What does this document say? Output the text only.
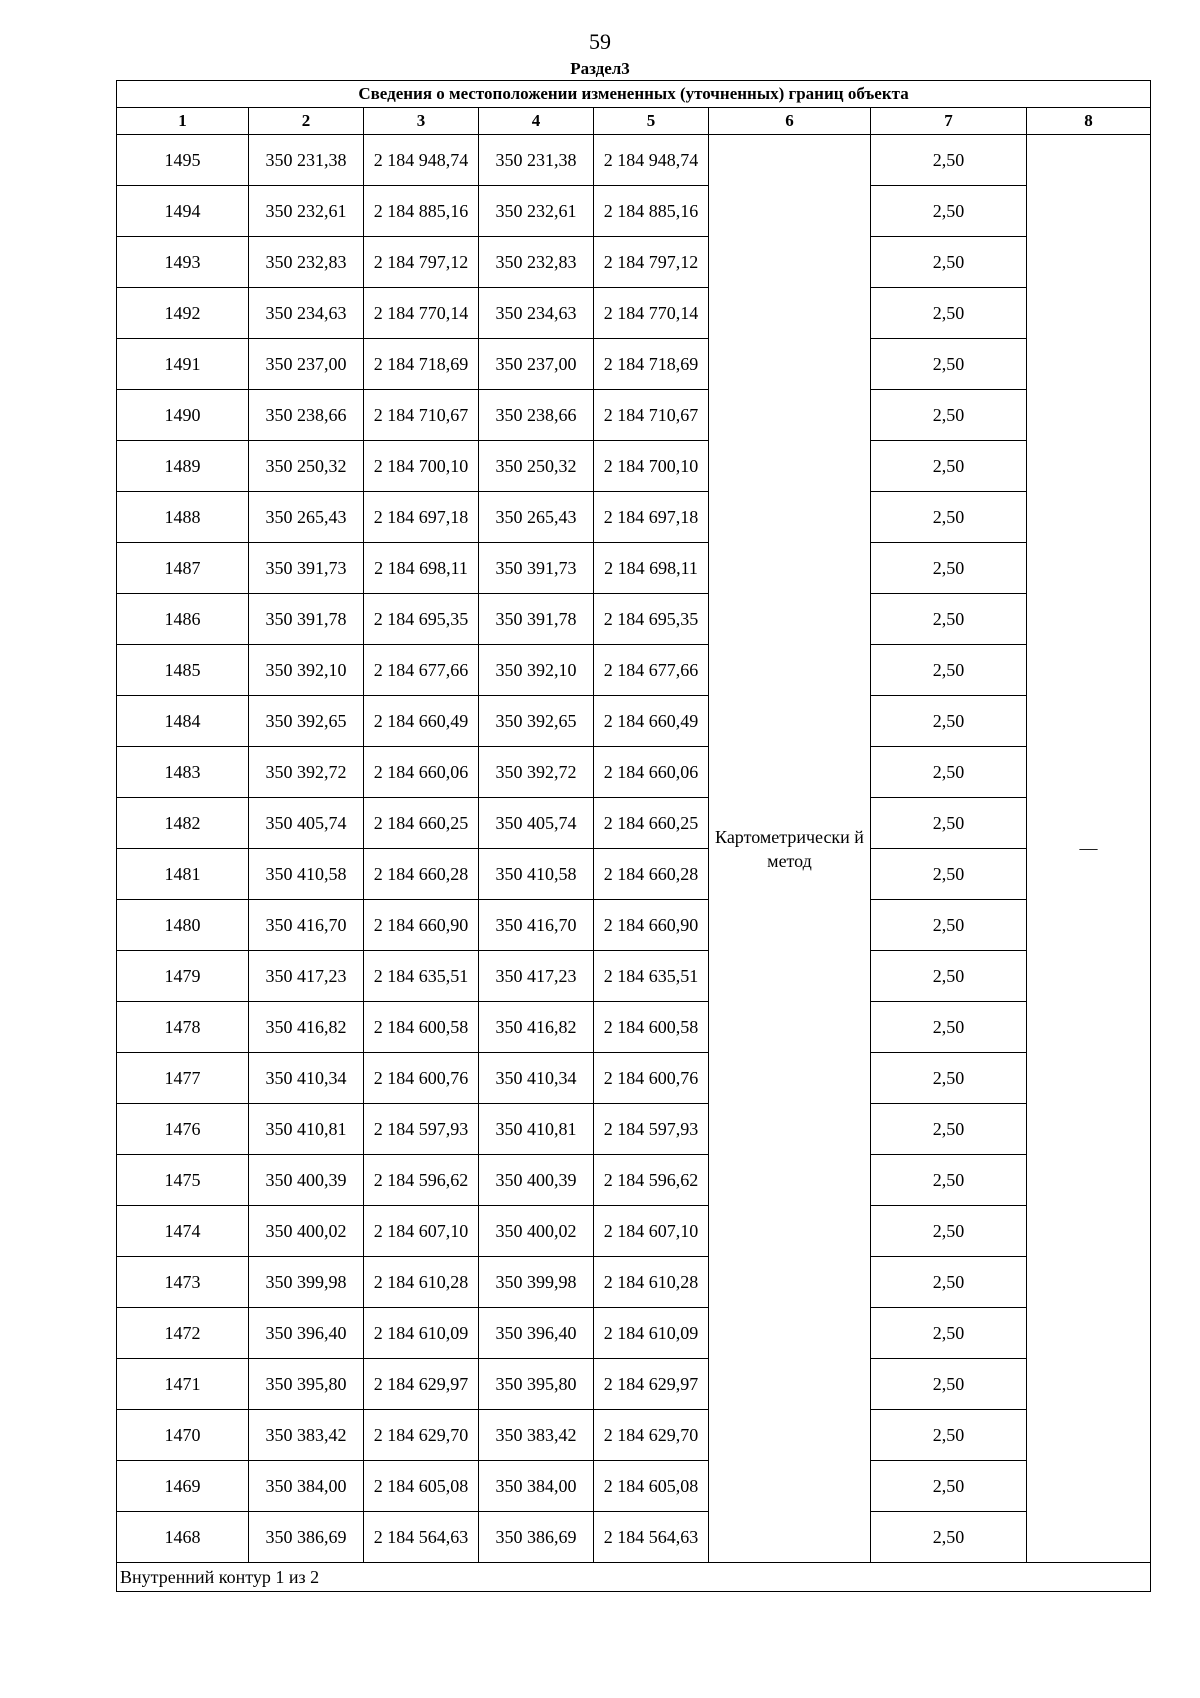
59
Раздел3
Сведения о местоположении измененных (уточненных) границ объекта							
1	2	3	4	5	6	7	8
1495	350 231,38	2 184 948,74	350 231,38	2 184 948,74	Картометрически й метод	2,50	—
1494	350 232,61	2 184 885,16	350 232,61	2 184 885,16		2,50	
1493	350 232,83	2 184 797,12	350 232,83	2 184 797,12		2,50	
1492	350 234,63	2 184 770,14	350 234,63	2 184 770,14		2,50	
1491	350 237,00	2 184 718,69	350 237,00	2 184 718,69		2,50	
1490	350 238,66	2 184 710,67	350 238,66	2 184 710,67		2,50	
1489	350 250,32	2 184 700,10	350 250,32	2 184 700,10		2,50	
1488	350 265,43	2 184 697,18	350 265,43	2 184 697,18		2,50	
1487	350 391,73	2 184 698,11	350 391,73	2 184 698,11		2,50	
1486	350 391,78	2 184 695,35	350 391,78	2 184 695,35		2,50	
1485	350 392,10	2 184 677,66	350 392,10	2 184 677,66		2,50	
1484	350 392,65	2 184 660,49	350 392,65	2 184 660,49		2,50	
1483	350 392,72	2 184 660,06	350 392,72	2 184 660,06		2,50	
1482	350 405,74	2 184 660,25	350 405,74	2 184 660,25		2,50	
1481	350 410,58	2 184 660,28	350 410,58	2 184 660,28		2,50	
1480	350 416,70	2 184 660,90	350 416,70	2 184 660,90		2,50	
1479	350 417,23	2 184 635,51	350 417,23	2 184 635,51		2,50	
1478	350 416,82	2 184 600,58	350 416,82	2 184 600,58		2,50	
1477	350 410,34	2 184 600,76	350 410,34	2 184 600,76		2,50	
1476	350 410,81	2 184 597,93	350 410,81	2 184 597,93		2,50	
1475	350 400,39	2 184 596,62	350 400,39	2 184 596,62		2,50	
1474	350 400,02	2 184 607,10	350 400,02	2 184 607,10		2,50	
1473	350 399,98	2 184 610,28	350 399,98	2 184 610,28		2,50	
1472	350 396,40	2 184 610,09	350 396,40	2 184 610,09		2,50	
1471	350 395,80	2 184 629,97	350 395,80	2 184 629,97		2,50	
1470	350 383,42	2 184 629,70	350 383,42	2 184 629,70		2,50	
1469	350 384,00	2 184 605,08	350 384,00	2 184 605,08		2,50	
1468	350 386,69	2 184 564,63	350 386,69	2 184 564,63		2,50	
Внутренний контур 1 из 2							
